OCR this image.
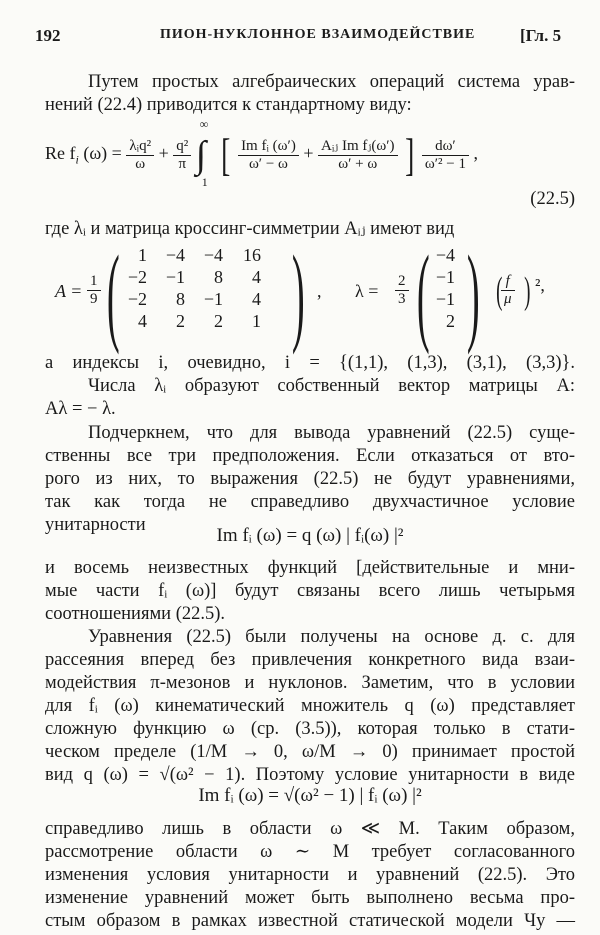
192	ПИОН-НУКЛОННОЕ ВЗАИМОДЕЙСТВИЕ	[Гл. 5
Путем простых алгебраических операций система урав-
нений (22.4) приводится к стандартному виду:
Re $f_i$ $(\omega) = \frac{\text{λᵢq²}}{\omega} + \frac{\text{q²}}{\pi}$ ∫
∞
1
[ $\frac{\text{Im fᵢ (ω′)}}{\omega' - \omega} + \frac{\text{Aᵢⱼ Im fⱼ(ω′)}}{\omega' + \omega}$ ] $\frac{d\omega'}{\text{ω′² − 1}}$ ,
(22.5)
где λᵢ и матрица кроссинг-симметрии Aᵢⱼ имеют вид
$A = \frac{1}{9}$ (	1	−4	−4	16
−2	−1	8	4
−2	8	−1	4
4	2	2	1 ) , $\lambda = \frac{2}{3}$ ( −4
−1
−1
2 ) (
$\frac{f}{\mu}$ ) ²,
а индексы i, очевидно, i = {(1,1), (1,3), (3,1), (3,3)}.
Числа λᵢ образуют собственный вектор матрицы A:
Aλ = − λ.
Подчеркнем, что для вывода уравнений (22.5) суще-
ственны все три предположения. Если отказаться от вто-
рого из них, то выражения (22.5) не будут уравнениями,
так как тогда не справедливо двухчастичное условие
унитарности	Im fᵢ (ω) = q (ω) | fᵢ(ω) |²
и восемь неизвестных функций [действительные и мни-
мые части fᵢ (ω)] будут связаны всего лишь четырьмя
соотношениями (22.5).
Уравнения (22.5) были получены на основе д. с. для
рассеяния вперед без привлечения конкретного вида взаи-
модействия π-мезонов и нуклонов. Заметим, что в условии
для fᵢ (ω) кинематический множитель q (ω) представляет
сложную функцию ω (ср. (3.5)), которая только в стати-
ческом пределе (1/M → 0, ω/M → 0) принимает простой
вид q (ω) = √(ω² − 1). Поэтому условие унитарности в виде
Im fᵢ (ω) = √(ω² − 1) | fᵢ (ω) |²
справедливо лишь в области ω ≪ M. Таким образом,
рассмотрение области ω ∼ M требует согласованного
изменения условия унитарности и уравнений (22.5). Это
изменение уравнений может быть выполнено весьма про-
стым образом в рамках известной статической модели Чу —
